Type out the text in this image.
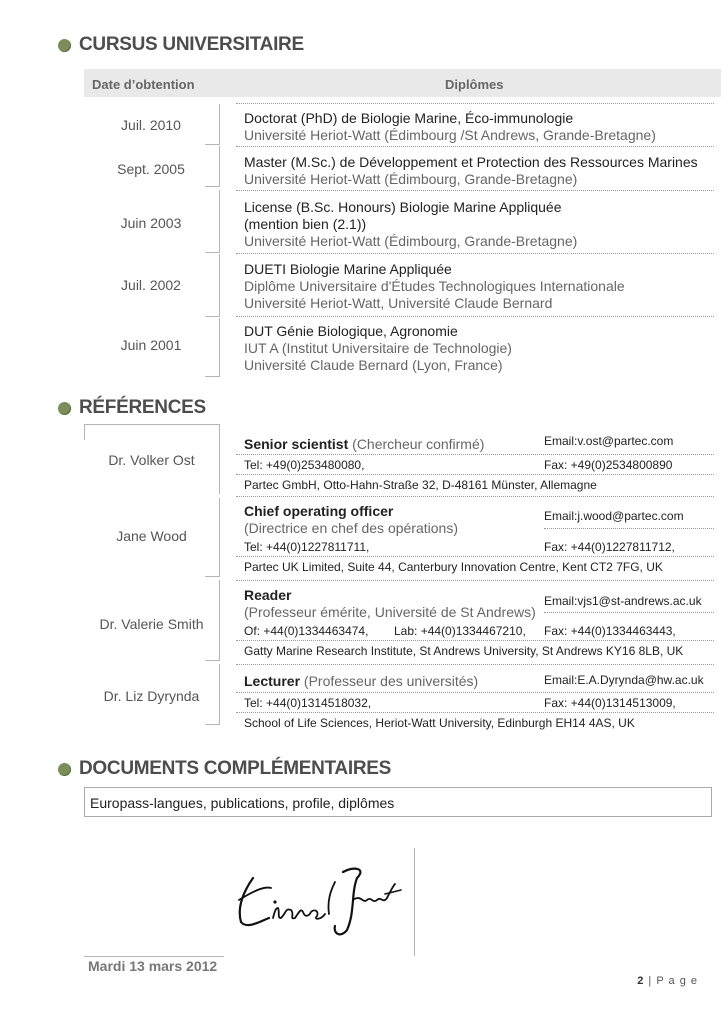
CURSUS UNIVERSITAIRE
Date d’obtention	Diplômes
Juil. 2010	Doctorat (PhD) de Biologie Marine, Éco-immunologie
Université Heriot-Watt (Édimbourg /St Andrews, Grande-Bretagne)
Sept. 2005	Master (M.Sc.) de Développement et Protection des Ressources Marines
Université Heriot-Watt (Édimbourg, Grande-Bretagne)
Juin 2003
License (B.Sc. Honours) Biologie Marine Appliquée
(mention bien (2.1))
Université Heriot-Watt (Édimbourg, Grande-Bretagne)
Juil. 2002
DUETI Biologie Marine Appliquée
Diplôme Universitaire d'Études Technologiques Internationale
Université Heriot-Watt, Université Claude Bernard
Juin 2001
DUT Génie Biologique, Agronomie
IUT A (Institut Universitaire de Technologie)
Université Claude Bernard (Lyon, France)
RÉFÉRENCES
Dr. Volker Ost
Senior scientist (Chercheur confirmé)	Email:v.ost@partec.com
Tel: +49(0)253480080,	Fax: +49(0)2534800890
Partec GmbH, Otto-Hahn-Straße 32, D-48161 Münster, Allemagne
Jane Wood
Chief operating officer
(Directrice en chef des opérations)
Email:j.wood@partec.com
Tel: +44(0)1227811711,	Fax: +44(0)1227811712,
Partec UK Limited, Suite 44, Canterbury Innovation Centre, Kent CT2 7FG, UK
Dr. Valerie Smith
Reader
(Professeur émérite, Université de St Andrews)
Email:vjs1@st-andrews.ac.uk
Of: +44(0)1334463474, Lab: +44(0)1334467210, Fax: +44(0)1334463443,
Gatty Marine Research Institute, St Andrews University, St Andrews KY16 8LB, UK
Dr. Liz Dyrynda
Lecturer (Professeur des universités)	Email:E.A.Dyrynda@hw.ac.uk
Tel: +44(0)1314518032,	Fax: +44(0)1314513009,
School of Life Sciences, Heriot-Watt University, Edinburgh EH14 4AS, UK
DOCUMENTS COMPLÉMENTAIRES
Europass-langues, publications, profile, diplômes
Mardi 13 mars 2012
2 | P a g e
